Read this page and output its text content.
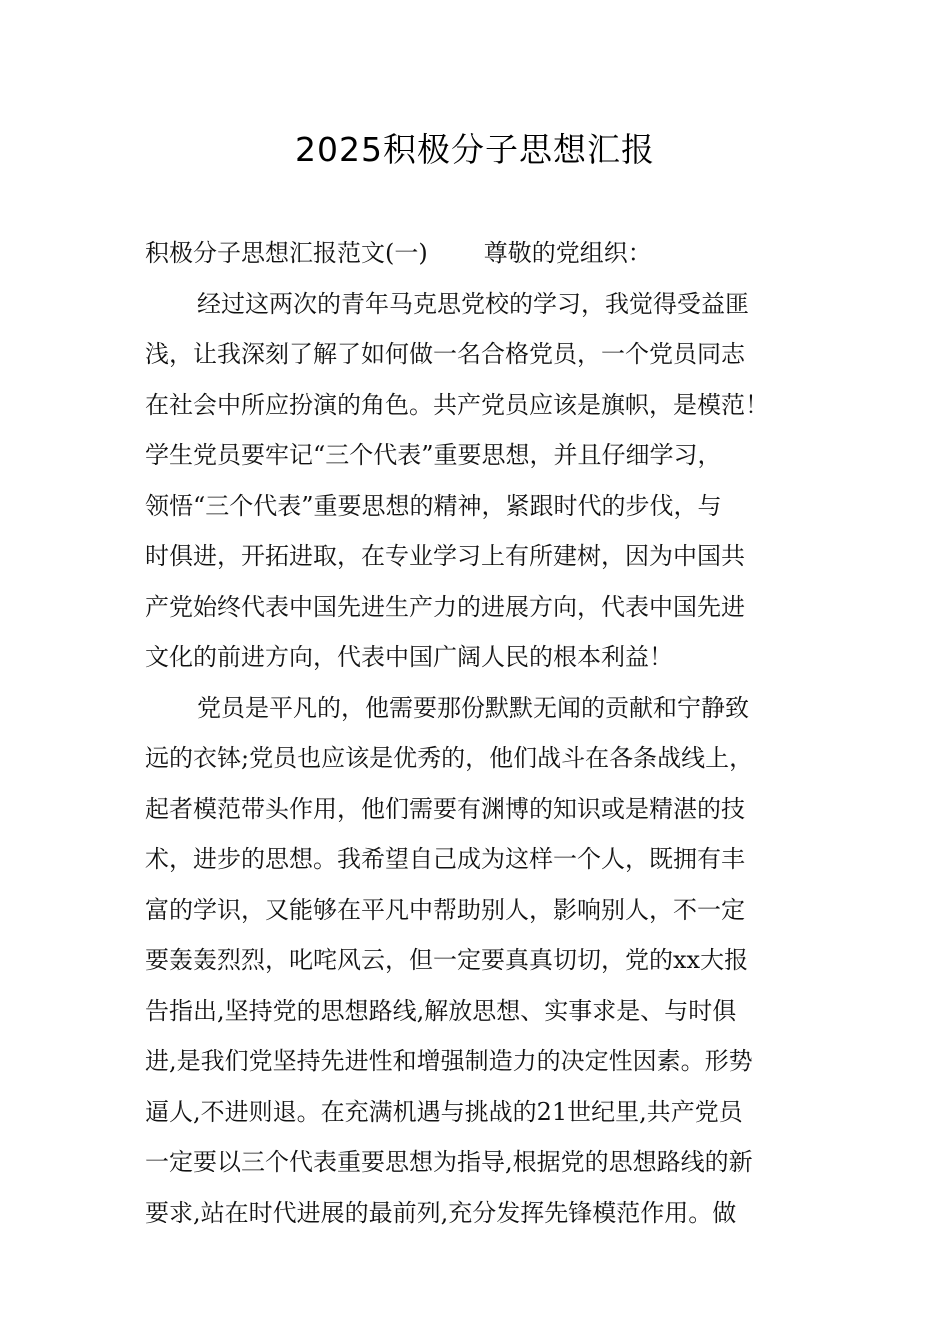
2025积极分子思想汇报
积极分子思想汇报范文(一) 尊敬的党组织：
经过这两次的青年马克思党校的学习，我觉得受益匪
浅，让我深刻了解了如何做一名合格党员，一个党员同志
在社会中所应扮演的角色。共产党员应该是旗帜，是模范！
学生党员要牢记“三个代表”重要思想，并且仔细学习，
领悟“三个代表”重要思想的精神，紧跟时代的步伐，与
时俱进，开拓进取，在专业学习上有所建树，因为中国共
产党始终代表中国先进生产力的进展方向，代表中国先进
文化的前进方向，代表中国广阔人民的根本利益！
党员是平凡的，他需要那份默默无闻的贡献和宁静致
远的衣钵;党员也应该是优秀的，他们战斗在各条战线上，
起者模范带头作用，他们需要有渊博的知识或是精湛的技
术，进步的思想。我希望自己成为这样一个人，既拥有丰
富的学识，又能够在平凡中帮助别人，影响别人，不一定
要轰轰烈烈，叱咤风云，但一定要真真切切，党的xx大报
告指出,坚持党的思想路线,解放思想、实事求是、与时俱
进,是我们党坚持先进性和增强制造力的决定性因素。形势
逼人,不进则退。在充满机遇与挑战的21世纪里,共产党员
一定要以三个代表重要思想为指导,根据党的思想路线的新
要求,站在时代进展的最前列,充分发挥先锋模范作用。做
